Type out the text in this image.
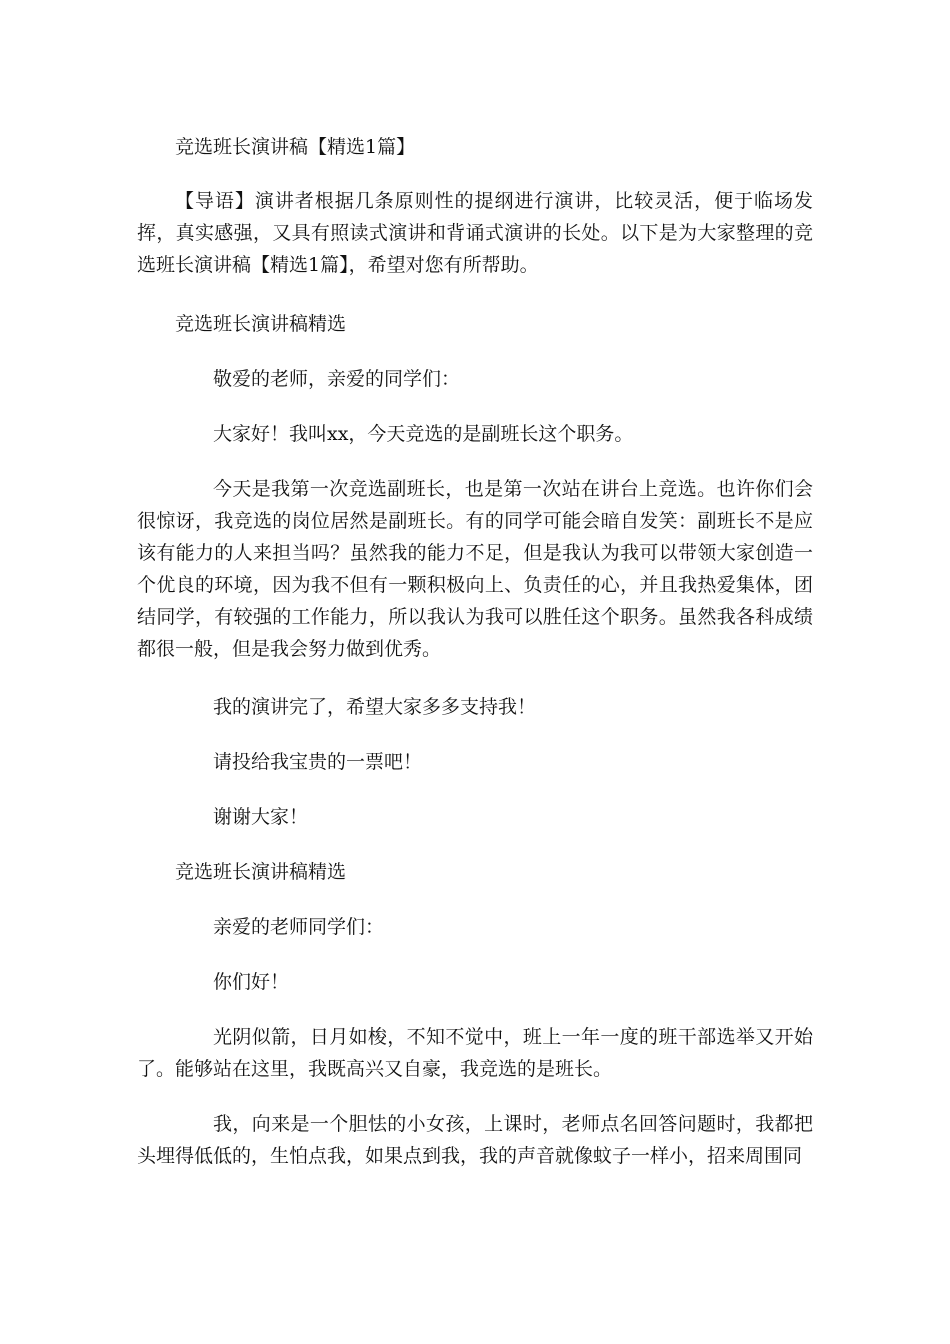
竞选班长演讲稿【精选1篇】

【导语】演讲者根据几条原则性的提纲进行演讲，比较灵活，便于临场发挥，真实感强，又具有照读式演讲和背诵式演讲的长处。以下是为大家整理的竞选班长演讲稿【精选1篇】，希望对您有所帮助。

竞选班长演讲稿精选

敬爱的老师，亲爱的同学们：

大家好！我叫xx，今天竞选的是副班长这个职务。

今天是我第一次竞选副班长，也是第一次站在讲台上竞选。也许你们会很惊讶，我竞选的岗位居然是副班长。有的同学可能会暗自发笑：副班长不是应该有能力的人来担当吗？虽然我的能力不足，但是我认为我可以带领大家创造一个优良的环境，因为我不但有一颗积极向上、负责任的心，并且我热爱集体，团结同学，有较强的工作能力，所以我认为我可以胜任这个职务。虽然我各科成绩都很一般，但是我会努力做到优秀。

我的演讲完了，希望大家多多支持我！

请投给我宝贵的一票吧！

谢谢大家！

竞选班长演讲稿精选

亲爱的老师同学们：

你们好！

光阴似箭，日月如梭，不知不觉中，班上一年一度的班干部选举又开始了。能够站在这里，我既高兴又自豪，我竞选的是班长。

我，向来是一个胆怯的小女孩，上课时，老师点名回答问题时，我都把头埋得低低的，生怕点我，如果点到我，我的声音就像蚊子一样小，招来周围同
